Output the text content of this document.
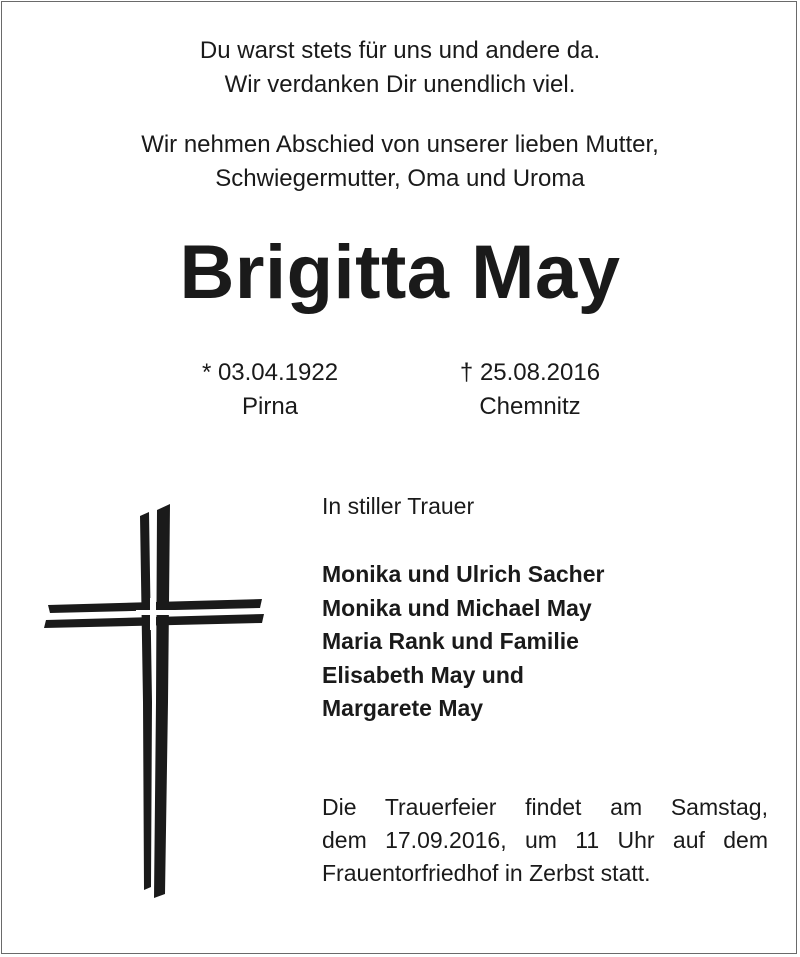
Du warst stets für uns und andere da.
Wir verdanken Dir unendlich viel.
Wir nehmen Abschied von unserer lieben Mutter,
Schwiegermutter, Oma und Uroma
Brigitta May
* 03.04.1922
Pirna
† 25.08.2016
Chemnitz
In stiller Trauer
Monika und Ulrich Sacher
Monika und Michael May
Maria Rank und Familie
Elisabeth May und
Margarete May
Die Trauerfeier findet am Samstag,
dem 17.09.2016, um 11 Uhr auf dem
Frauentorfriedhof in Zerbst statt.
